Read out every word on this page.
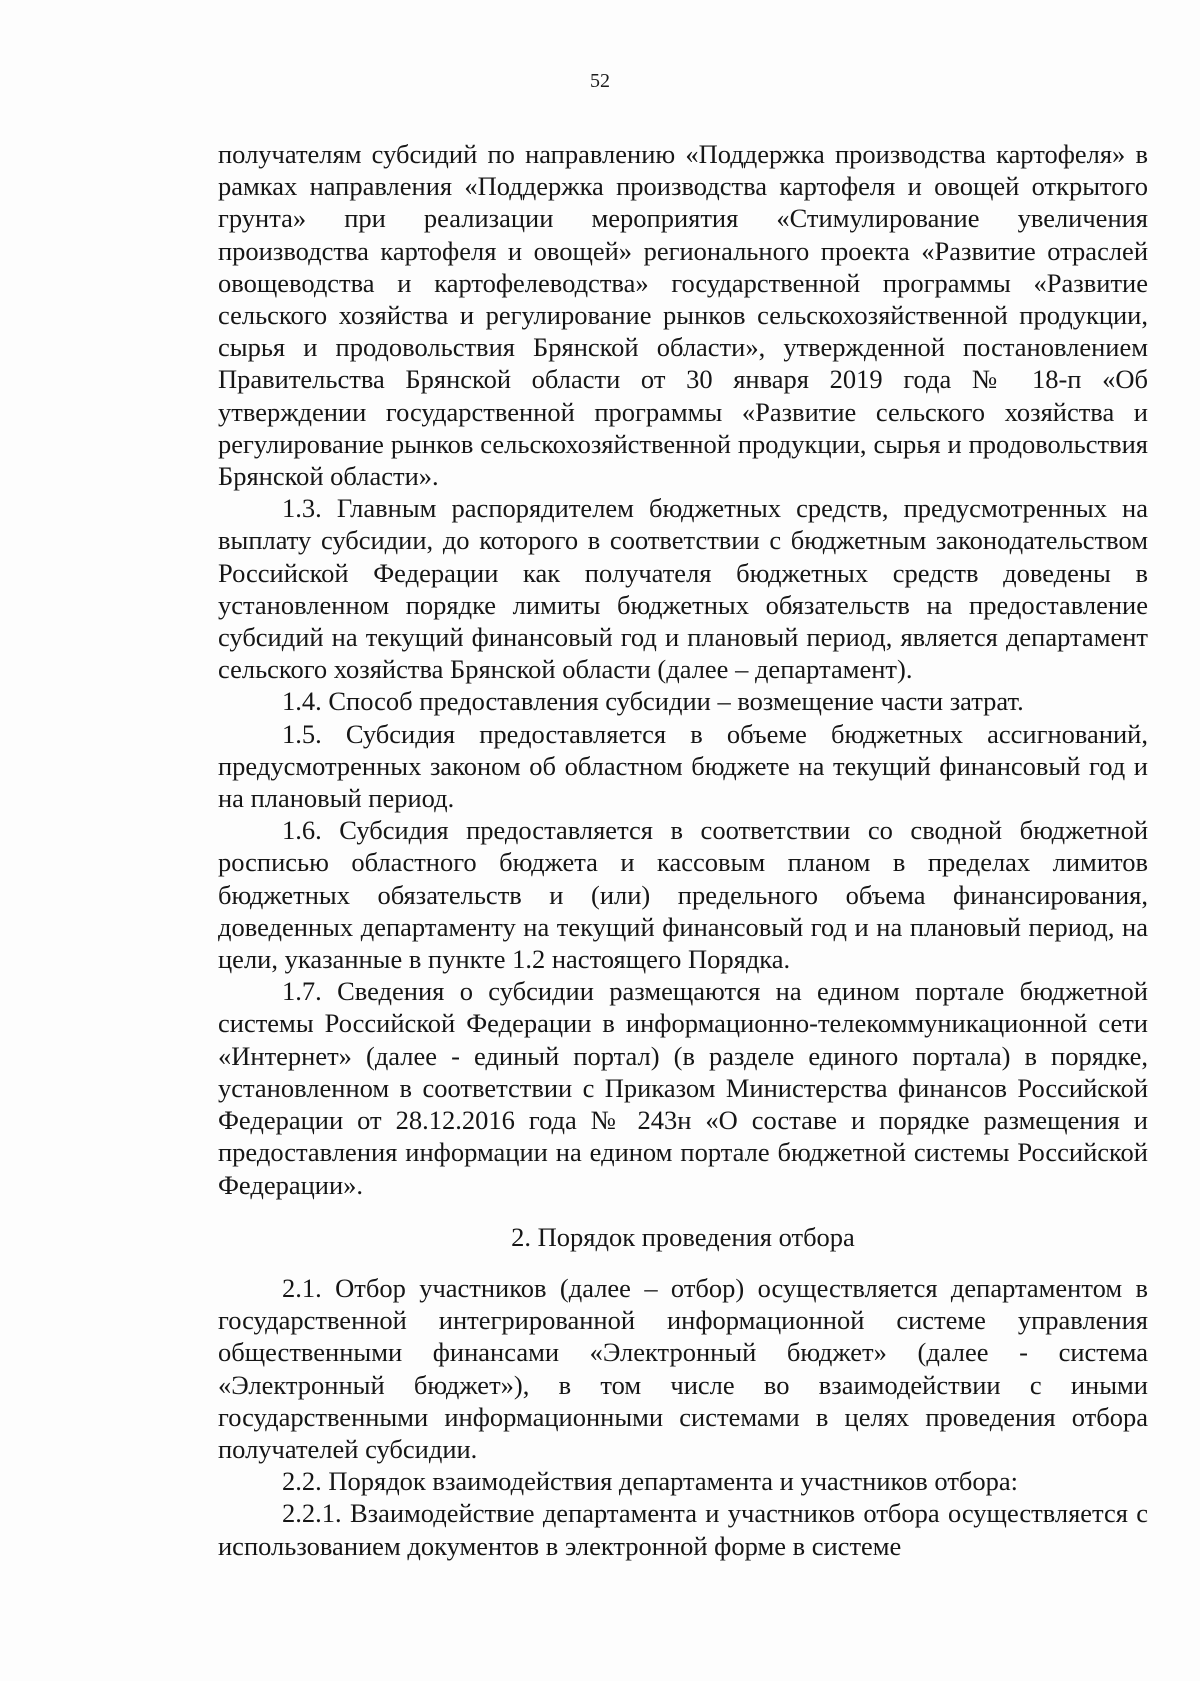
52

получателям субсидий по направлению «Поддержка производства картофеля» в рамках направления «Поддержка производства картофеля и овощей открытого грунта» при реализации мероприятия «Стимулирование увеличения производства картофеля и овощей» регионального проекта «Развитие отраслей овощеводства и картофелеводства» государственной программы «Развитие сельского хозяйства и регулирование рынков сельскохозяйственной продукции, сырья и продовольствия Брянской области», утвержденной постановлением Правительства Брянской области от 30 января 2019 года № 18-п «Об утверждении государственной программы «Развитие сельского хозяйства и регулирование рынков сельскохозяйственной продукции, сырья и продовольствия Брянской области».

1.3. Главным распорядителем бюджетных средств, предусмотренных на выплату субсидии, до которого в соответствии с бюджетным законодательством Российской Федерации как получателя бюджетных средств доведены в установленном порядке лимиты бюджетных обязательств на предоставление субсидий на текущий финансовый год и плановый период, является департамент сельского хозяйства Брянской области (далее – департамент).

1.4. Способ предоставления субсидии – возмещение части затрат.

1.5. Субсидия предоставляется в объеме бюджетных ассигнований, предусмотренных законом об областном бюджете на текущий финансовый год и на плановый период.

1.6. Субсидия предоставляется в соответствии со сводной бюджетной росписью областного бюджета и кассовым планом в пределах лимитов бюджетных обязательств и (или) предельного объема финансирования, доведенных департаменту на текущий финансовый год и на плановый период, на цели, указанные в пункте 1.2 настоящего Порядка.

1.7. Сведения о субсидии размещаются на едином портале бюджетной системы Российской Федерации в информационно-телекоммуникационной сети «Интернет» (далее - единый портал) (в разделе единого портала) в порядке, установленном в соответствии с Приказом Министерства финансов Российской Федерации от 28.12.2016 года № 243н «О составе и порядке размещения и предоставления информации на едином портале бюджетной системы Российской Федерации».

2. Порядок проведения отбора

2.1. Отбор участников (далее – отбор) осуществляется департаментом в государственной интегрированной информационной системе управления общественными финансами «Электронный бюджет» (далее - система «Электронный бюджет»), в том числе во взаимодействии с иными государственными информационными системами в целях проведения отбора получателей субсидии.

2.2. Порядок взаимодействия департамента и участников отбора:

2.2.1. Взаимодействие департамента и участников отбора осуществляется с использованием документов в электронной форме в системе
